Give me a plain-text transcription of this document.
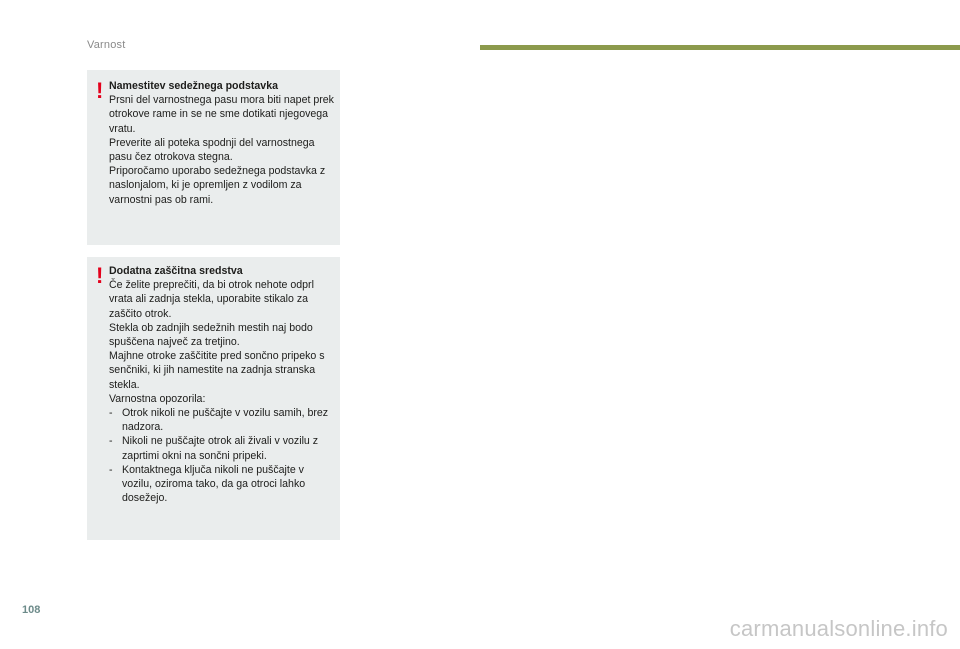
Varnost
! Namestitev sedežnega podstavka
Prsni del varnostnega pasu mora biti napet prek otrokove rame in se ne sme dotikati njegovega vratu.
Preverite ali poteka spodnji del varnostnega pasu čez otrokova stegna.
Priporočamo uporabo sedežnega podstavka z naslonjalom, ki je opremljen z vodilom za varnostni pas ob rami.
! Dodatna zaščitna sredstva
Če želite preprečiti, da bi otrok nehote odprl vrata ali zadnja stekla, uporabite stikalo za zaščito otrok.
Stekla ob zadnjih sedežnih mestih naj bodo spuščena največ za tretjino.
Majhne otroke zaščitite pred sončno pripeko s senčniki, ki jih namestite na zadnja stranska stekla.
Varnostna opozorila:
- Otrok nikoli ne puščajte v vozilu samih, brez nadzora.
- Nikoli ne puščajte otrok ali živali v vozilu z zaprtimi okni na sončni pripeki.
- Kontaktnega ključa nikoli ne puščajte v vozilu, oziroma tako, da ga otroci lahko dosežejo.
108
carmanualsonline.info
